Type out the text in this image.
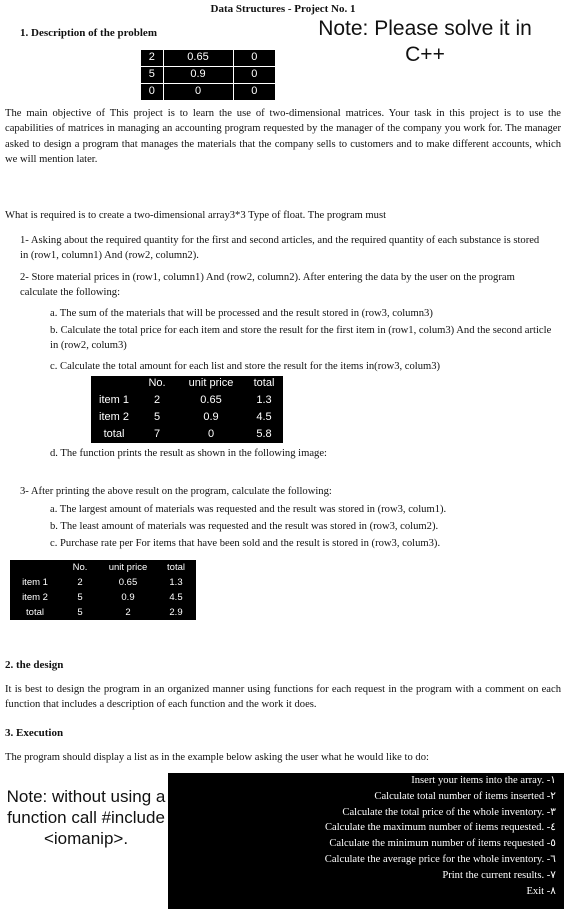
Data Structures - Project No. 1
1. Description of the problem	Note: Please solve it in C++
2	0.65	0
5	0.9	0
0	0	0
The main objective of This project is to learn the use of two-dimensional matrices. Your task in this project is to use the capabilities of matrices in managing an accounting program requested by the manager of the company you work for. The manager asked to design a program that manages the materials that the company sells to customers and to make different accounts, which we will mention later.
What is required is to create a two-dimensional array3*3 Type of float. The program must
1- Asking about the required quantity for the first and second articles, and the required quantity of each substance is stored in (row1, column1) And (row2, column2).
2- Store material prices in (row1, column1) And (row2, column2). After entering the data by the user on the program calculate the following:
a. The sum of the materials that will be processed and the result stored in (row3, column3)
b. Calculate the total price for each item and store the result for the first item in (row1, colum3) And the second article in (row2, colum3)
c. Calculate the total amount for each list and store the result for the items in(row3, colum3)
	No.	unit price	total
item 1	2	0.65	1.3
item 2	5	0.9	4.5
total	7	0	5.8
d. The function prints the result as shown in the following image:
3- After printing the above result on the program, calculate the following:
a. The largest amount of materials was requested and the result was stored in (row3, colum1).
b. The least amount of materials was requested and the result was stored in (row3, colum2).
c. Purchase rate per For items that have been sold and the result is stored in (row3, colum3).
	No.	unit price	total
item 1	2	0.65	1.3
item 2	5	0.9	4.5
total	5	2	2.9
2. the design
It is best to design the program in an organized manner using functions for each request in the program with a comment on each function that includes a description of each function and the work it does.
3. Execution
The program should display a list as in the example below asking the user what he would like to do:
Note: without using a function call #include <iomanip>.
Insert your items into the array. -١
Calculate total number of items inserted -٢
Calculate the total price of the whole inventory. -٣
Calculate the maximum number of items requested. -٤
Calculate the minimum number of items requested -٥
Calculate the average price for the whole inventory. -٦
Print the current results. -٧
Exit -٨
